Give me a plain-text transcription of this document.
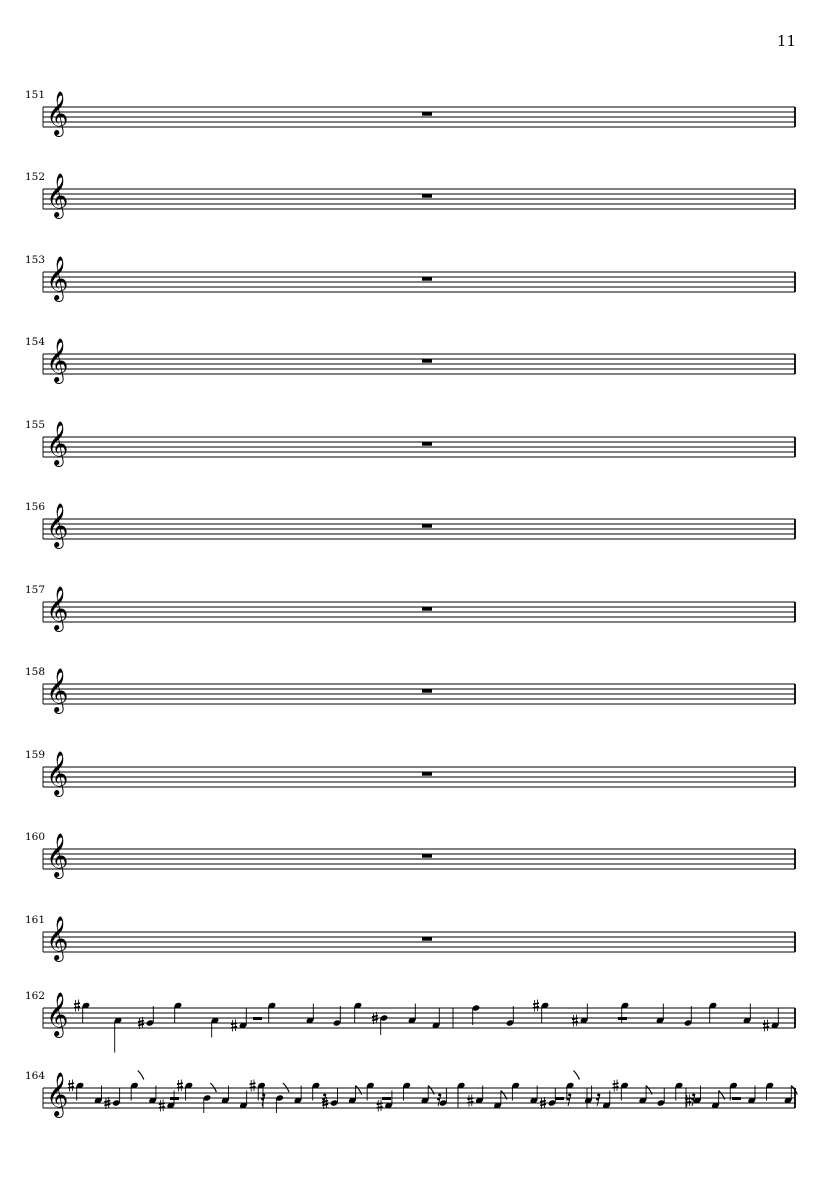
11
𝄞
151
𝄞
152
𝄞
153
𝄞
154
𝄞
155
𝄞
156
𝄞
157
𝄞
158
𝄞
159
𝄞
160
𝄞
161
𝄞
162
𝄞
164
